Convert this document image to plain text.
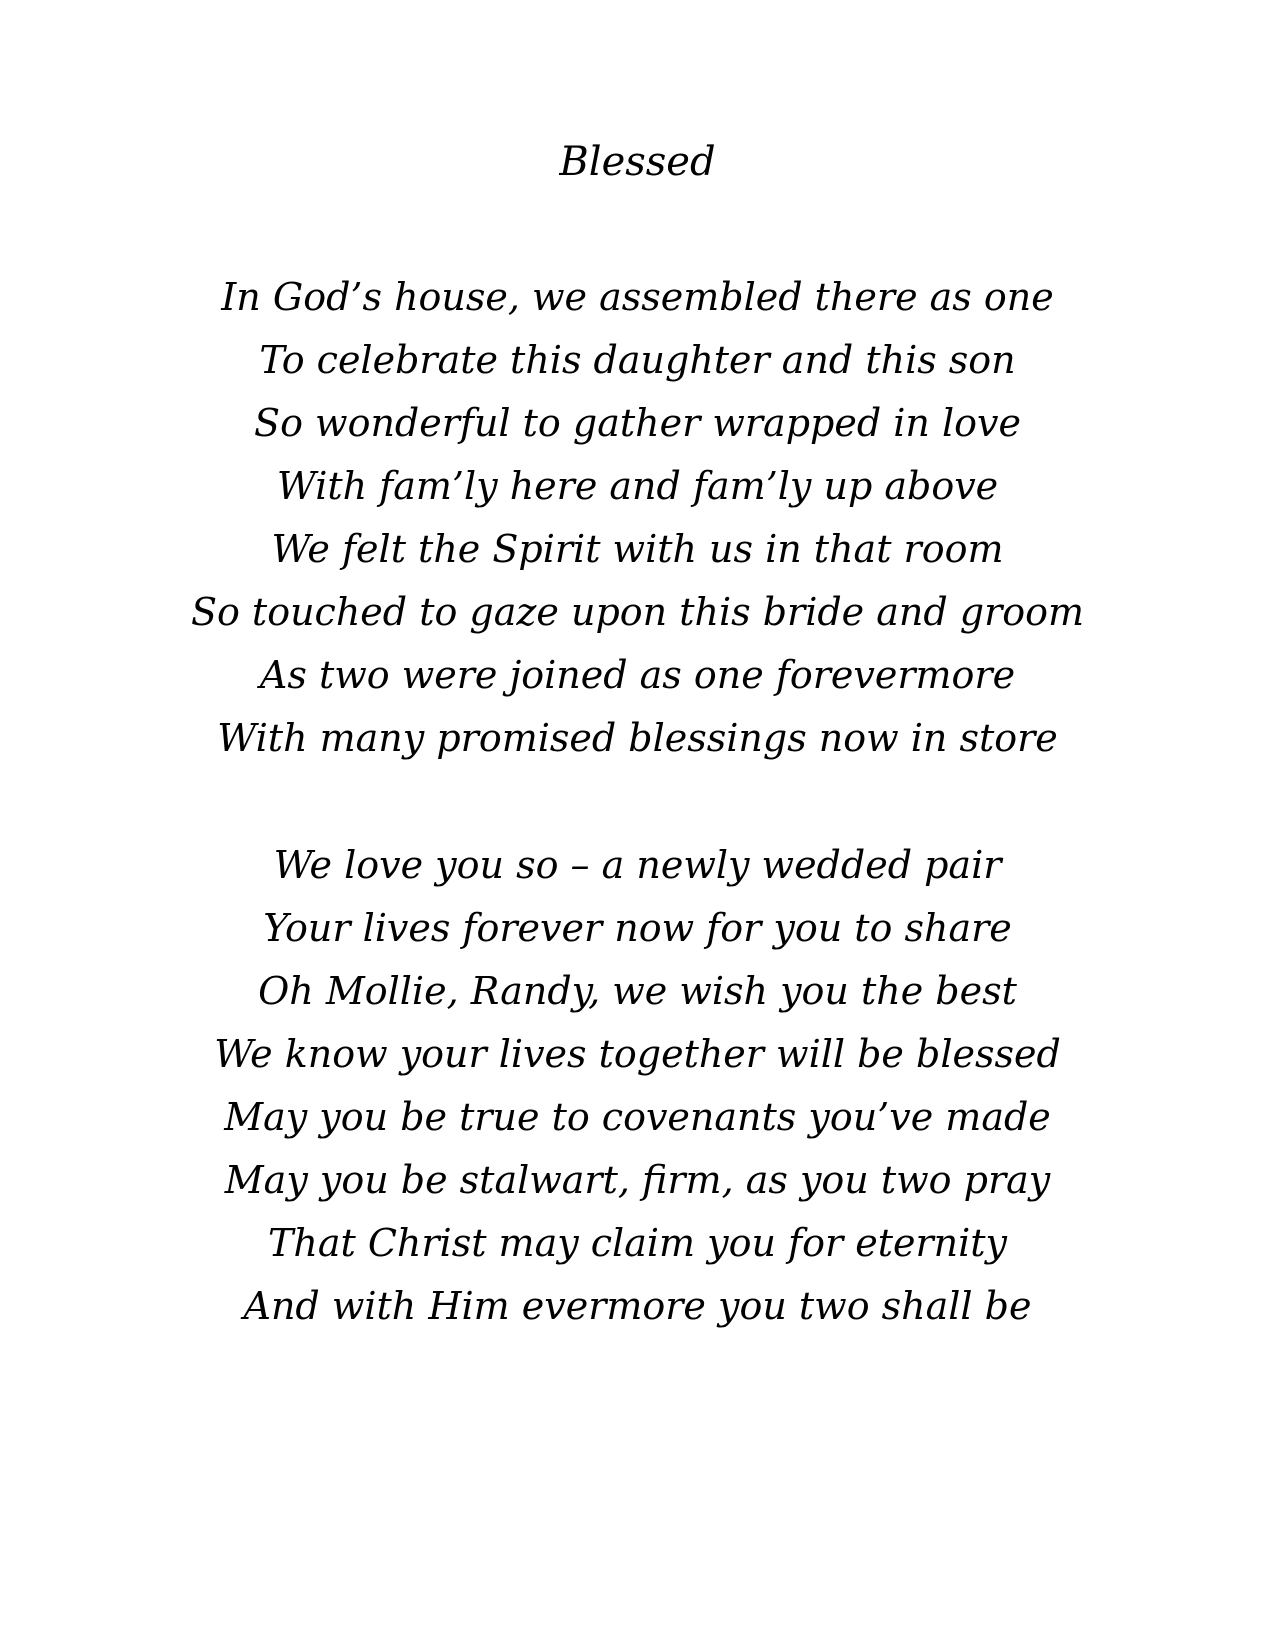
Blessed
In God’s house, we assembled there as one
To celebrate this daughter and this son
So wonderful to gather wrapped in love
With fam’ly here and fam’ly up above
We felt the Spirit with us in that room
So touched to gaze upon this bride and groom
As two were joined as one forevermore
With many promised blessings now in store
We love you so – a newly wedded pair
Your lives forever now for you to share
Oh Mollie, Randy, we wish you the best
We know your lives together will be blessed
May you be true to covenants you’ve made
May you be stalwart, firm, as you two pray
That Christ may claim you for eternity
And with Him evermore you two shall be
